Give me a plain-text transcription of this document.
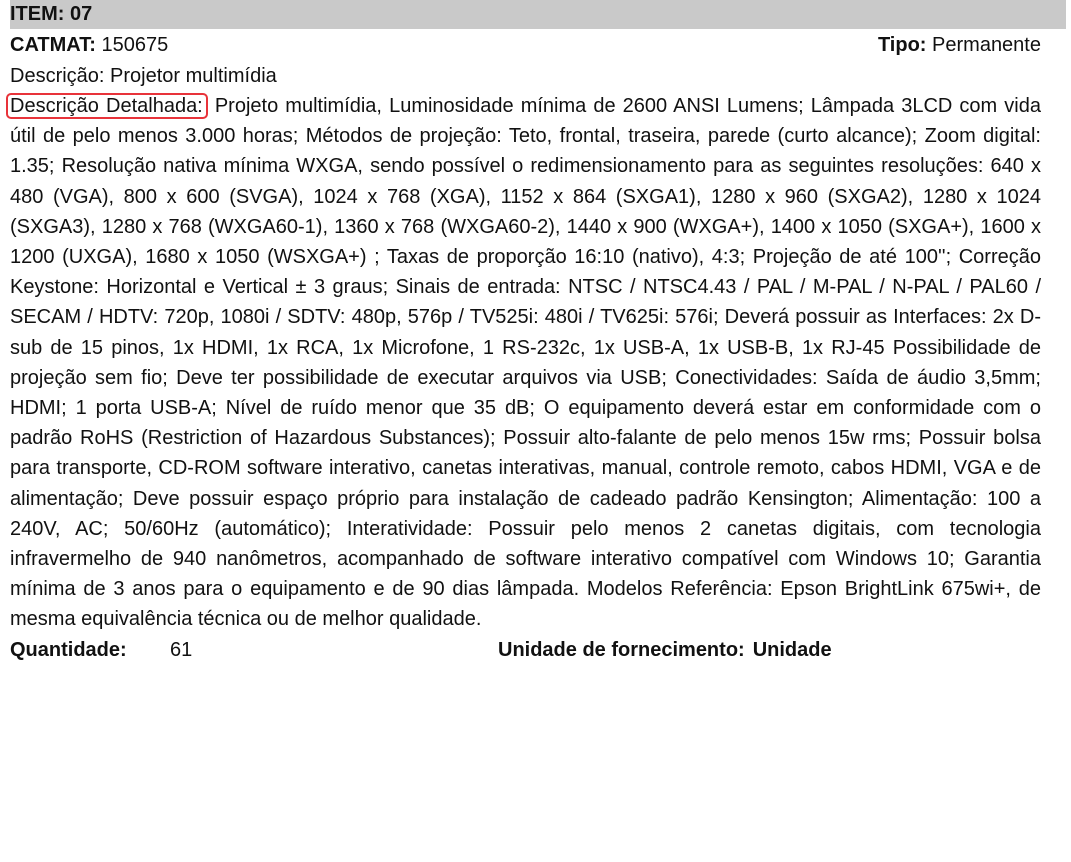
ITEM: 07
CATMAT: 150675	Tipo: Permanente
Descrição: Projetor multimídia
Descrição Detalhada: Projeto multimídia, Luminosidade mínima de 2600 ANSI Lumens; Lâmpada 3LCD com vida útil de pelo menos 3.000 horas; Métodos de projeção: Teto, frontal, traseira, parede (curto alcance); Zoom digital: 1.35; Resolução nativa mínima WXGA, sendo possível o redimensionamento para as seguintes resoluções: 640 x 480 (VGA), 800 x 600 (SVGA), 1024 x 768 (XGA), 1152 x 864 (SXGA1), 1280 x 960 (SXGA2), 1280 x 1024 (SXGA3), 1280 x 768 (WXGA60-1), 1360 x 768 (WXGA60-2), 1440 x 900 (WXGA+), 1400 x 1050 (SXGA+), 1600 x 1200 (UXGA), 1680 x 1050 (WSXGA+) ; Taxas de proporção 16:10 (nativo), 4:3; Projeção de até 100''; Correção Keystone: Horizontal e Vertical ± 3 graus; Sinais de entrada: NTSC / NTSC4.43 / PAL / M-PAL / N-PAL / PAL60 / SECAM / HDTV: 720p, 1080i / SDTV: 480p, 576p / TV525i: 480i / TV625i: 576i; Deverá possuir as Interfaces: 2x D-sub de 15 pinos, 1x HDMI, 1x RCA, 1x Microfone, 1 RS-232c, 1x USB-A, 1x USB-B, 1x RJ-45 Possibilidade de projeção sem fio; Deve ter possibilidade de executar arquivos via USB; Conectividades: Saída de áudio 3,5mm; HDMI; 1 porta USB-A; Nível de ruído menor que 35 dB; O equipamento deverá estar em conformidade com o padrão RoHS (Restriction of Hazardous Substances); Possuir alto-falante de pelo menos 15w rms; Possuir bolsa para transporte, CD-ROM software interativo, canetas interativas, manual, controle remoto, cabos HDMI, VGA e de alimentação; Deve possuir espaço próprio para instalação de cadeado padrão Kensington; Alimentação: 100 a 240V, AC; 50/60Hz (automático); Interatividade: Possuir pelo menos 2 canetas digitais, com tecnologia infravermelho de 940 nanômetros, acompanhado de software interativo compatível com Windows 10; Garantia mínima de 3 anos para o equipamento e de 90 dias lâmpada. Modelos Referência: Epson BrightLink 675wi+, de mesma equivalência técnica ou de melhor qualidade.
Quantidade:	61	Unidade de fornecimento: Unidade
